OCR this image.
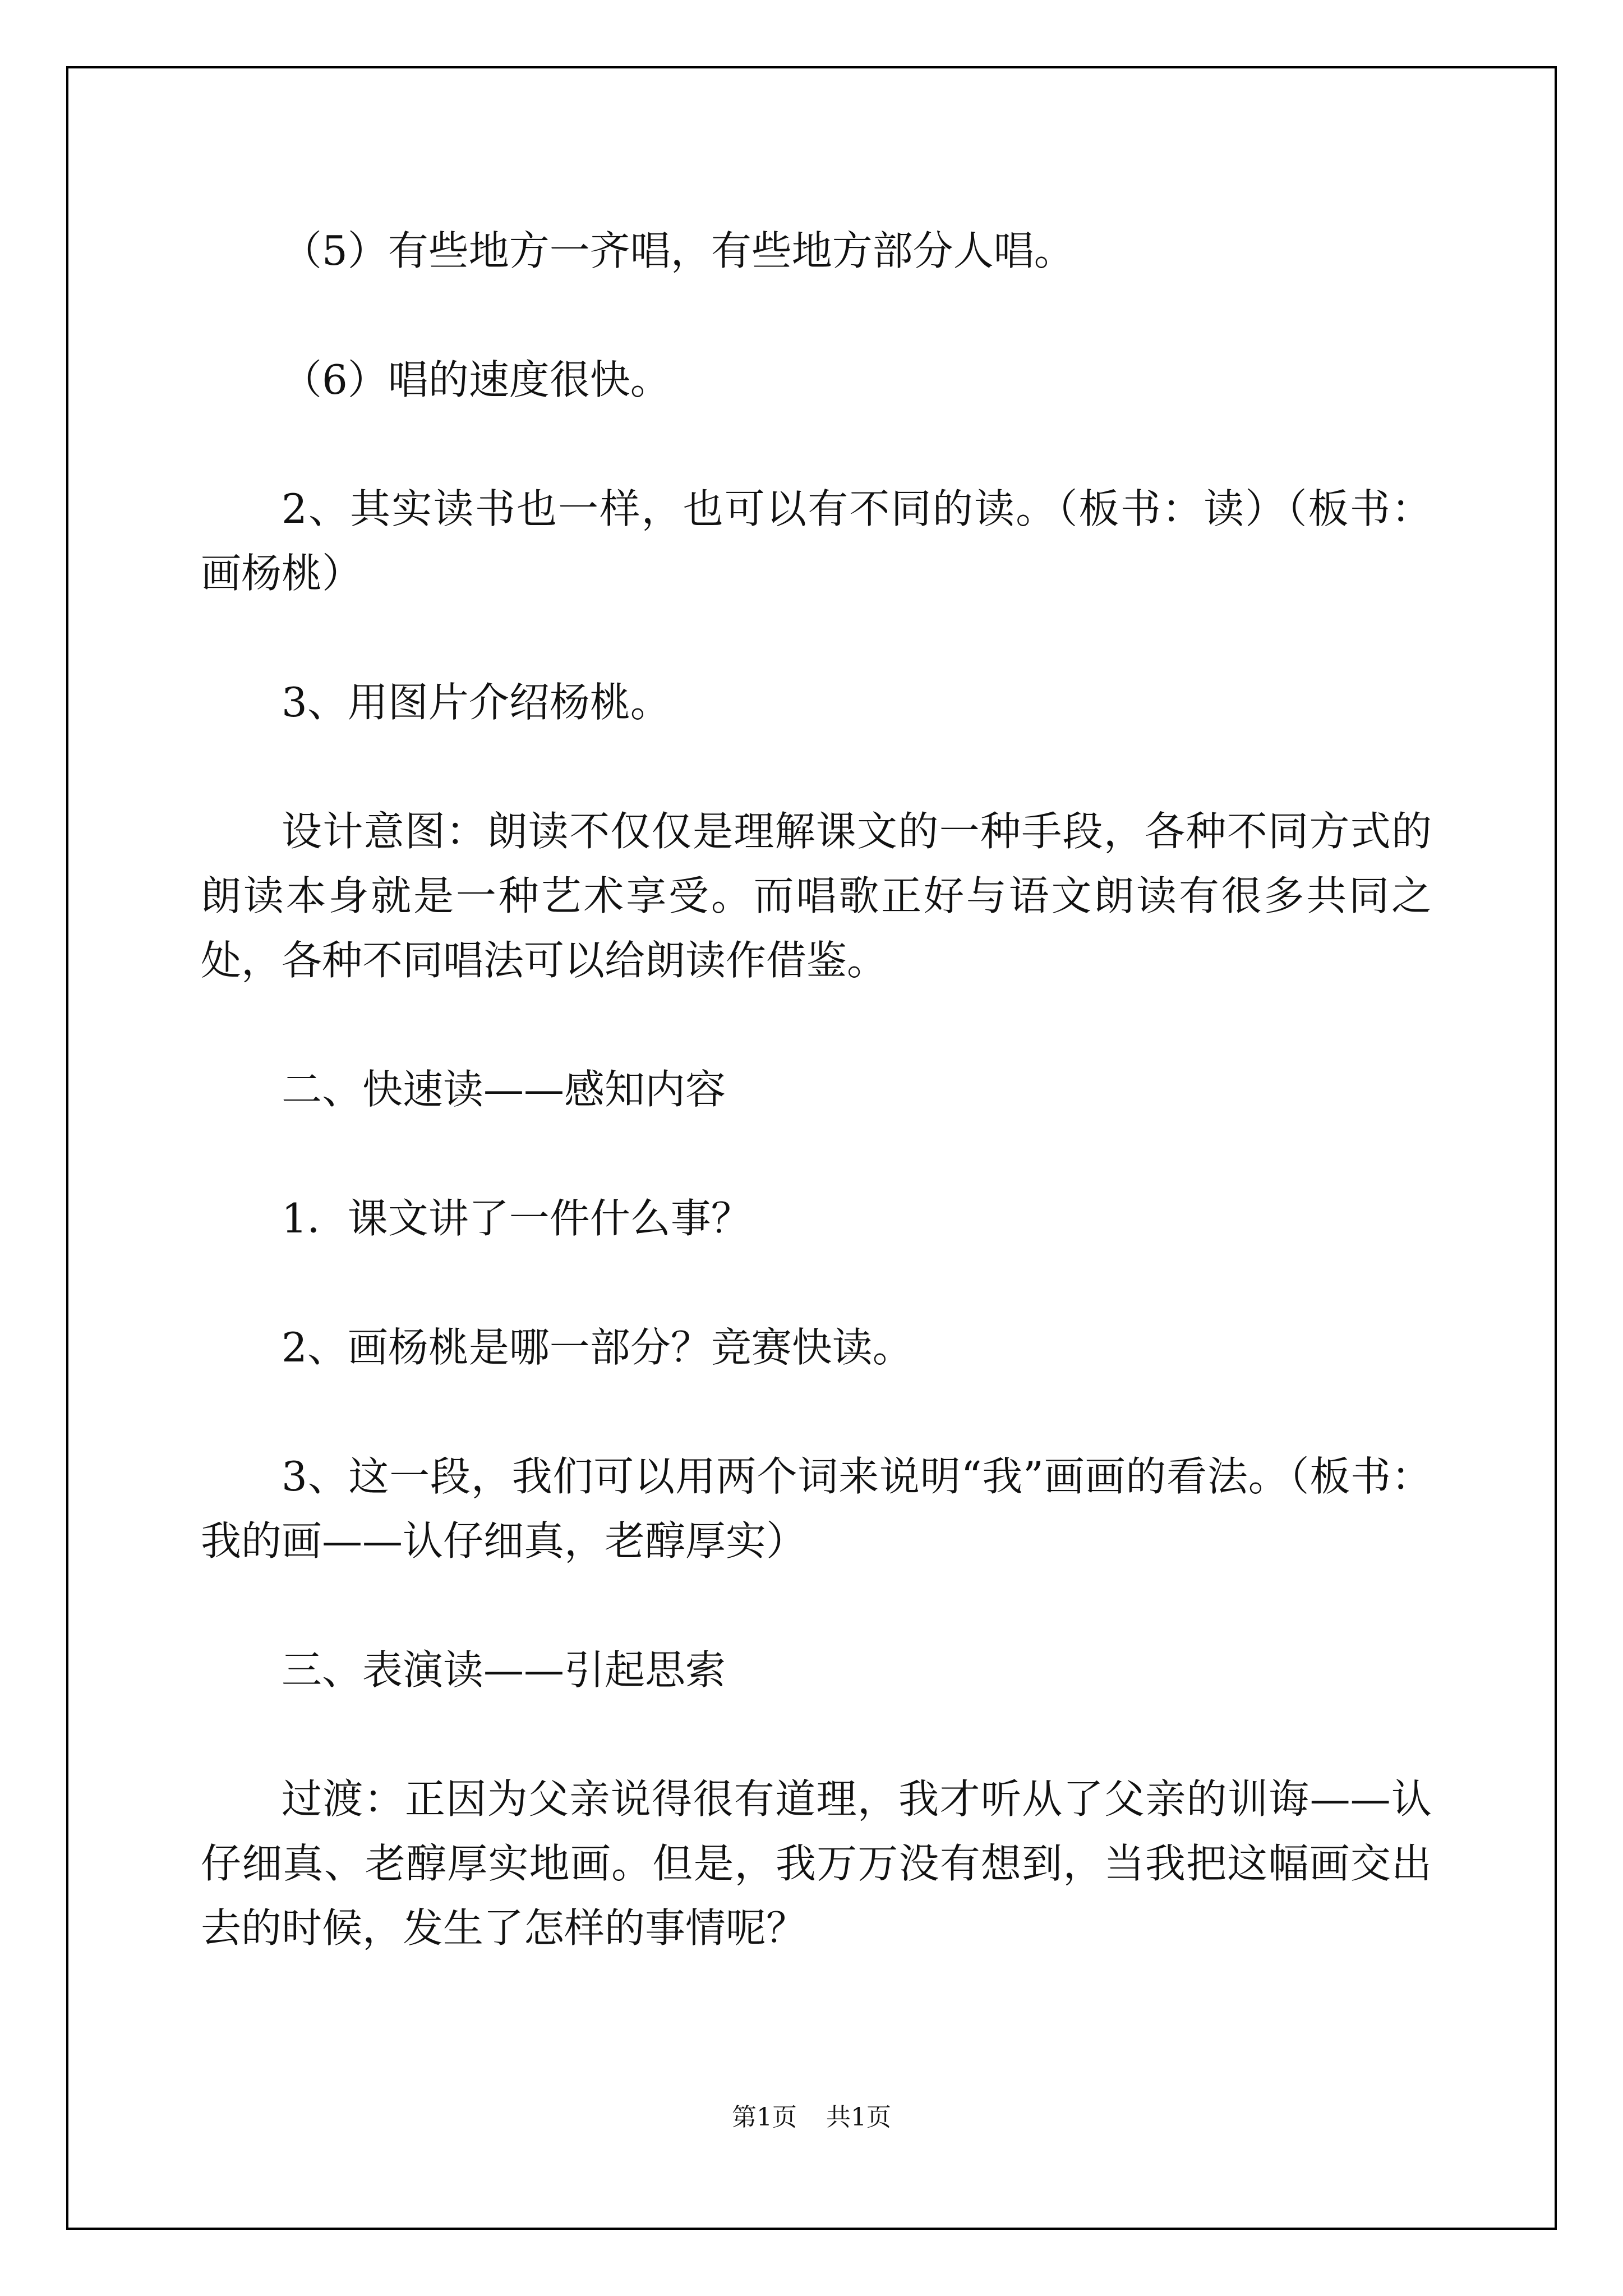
（5）有些地方一齐唱，有些地方部分人唱。

（6）唱的速度很快。

2、其实读书也一样，也可以有不同的读。（板书：读）（板书：画杨桃）

3、用图片介绍杨桃。

设计意图：朗读不仅仅是理解课文的一种手段，各种不同方式的朗读本身就是一种艺术享受。而唱歌正好与语文朗读有很多共同之处，各种不同唱法可以给朗读作借鉴。

二、快速读——感知内容

1．课文讲了一件什么事？

2、画杨桃是哪一部分？竞赛快读。

3、这一段，我们可以用两个词来说明“我”画画的看法。（板书：我的画——认仔细真，老醇厚实）

三、表演读——引起思索

过渡：正因为父亲说得很有道理，我才听从了父亲的训诲——认仔细真、老醇厚实地画。但是，我万万没有想到，当我把这幅画交出去的时候，发生了怎样的事情呢？

第1页 共1页
